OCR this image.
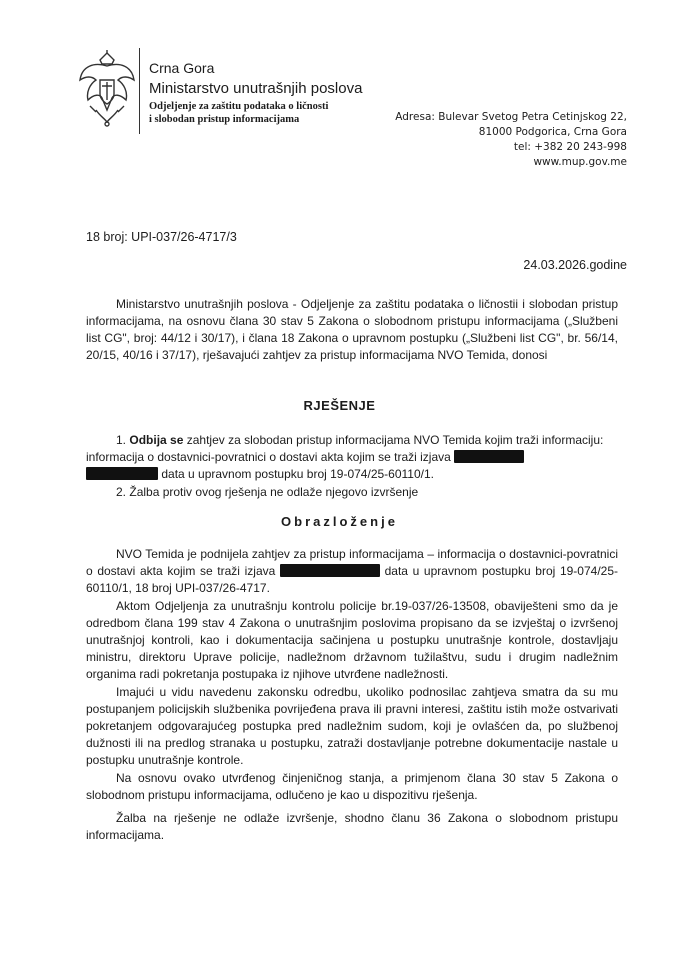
Crna Gora
Ministarstvo unutrašnjih poslova
Odjeljenje za zaštitu podataka o ličnosti
i slobodan pristup informacijama	Adresa: Bulevar Svetog Petra Cetinjskog 22,
81000 Podgorica, Crna Gora
tel: +382 20 243-998
www.mup.gov.me
18 broj: UPI-037/26-4717/3
24.03.2026.godine
Ministarstvo unutrašnjih poslova - Odjeljenje za zaštitu podataka o ličnostii i slobodan pristup informacijama, na osnovu člana 30 stav 5 Zakona o slobodnom pristupu informacijama („Službeni list CG", broj: 44/12 i 30/17), i člana 18 Zakona o upravnom postupku („Službeni list CG", br. 56/14, 20/15, 40/16 i 37/17), rješavajući zahtjev za pristup informacijama NVO Temida, donosi
RJEŠENJE
1. Odbija se zahtjev za slobodan pristup informacijama NVO Temida kojim traži informaciju: informacija o dostavnici-povratnici o dostavi akta kojim se traži izjava
data u upravnom postupku broj 19-074/25-60110/1.
2. Žalba protiv ovog rješenja ne odlaže njegovo izvršenje
Obrazloženje
NVO Temida je podnijela zahtjev za pristup informacijama – informacija o dostavnici-povratnici o dostavi akta kojim se traži izjava	data u upravnom postupku broj 19-074/25-60110/1, 18 broj UPI-037/26-4717.
Aktom Odjeljenja za unutrašnju kontrolu policije br.19-037/26-13508, obaviješteni smo da je odredbom člana 199 stav 4 Zakona o unutrašnjim poslovima propisano da se izvještaj o izvršenoj unutrašnjoj kontroli, kao i dokumentacija sačinjena u postupku unutrašnje kontrole, dostavljaju ministru, direktoru Uprave policije, nadležnom državnom tužilaštvu, sudu i drugim nadležnim organima radi pokretanja postupaka iz njihove utvrđene nadležnosti.
Imajući u vidu navedenu zakonsku odredbu, ukoliko podnosilac zahtjeva smatra da su mu postupanjem policijskih službenika povrijeđena prava ili pravni interesi, zaštitu istih može ostvarivati pokretanjem odgovarajućeg postupka pred nadležnim sudom, koji je ovlašćen da, po službenoj dužnosti ili na predlog stranaka u postupku, zatraži dostavljanje potrebne dokumentacije nastale u postupku unutrašnje kontrole.
Na osnovu ovako utvrđenog činjeničnog stanja, a primjenom člana 30 stav 5 Zakona o slobodnom pristupu informacijama, odlučeno je kao u dispozitivu rješenja.
Žalba na rješenje ne odlaže izvršenje, shodno članu 36 Zakona o slobodnom pristupu informacijama.
